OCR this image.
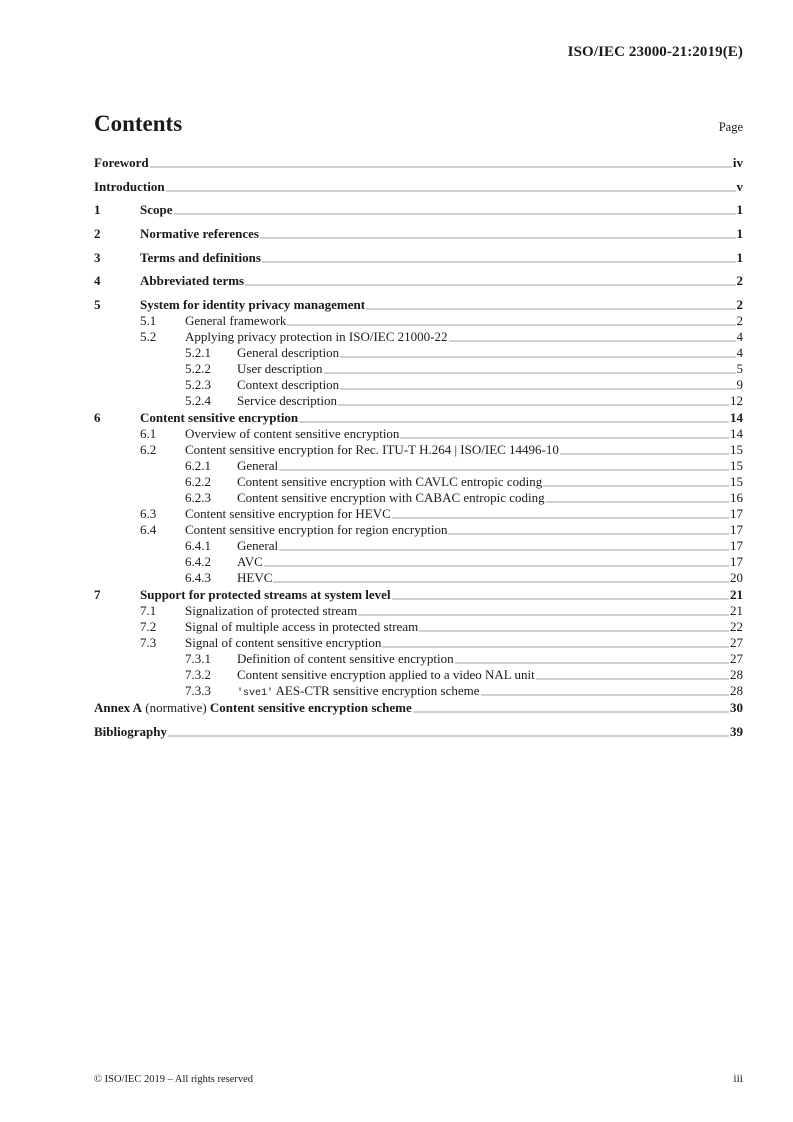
ISO/IEC 23000-21:2019(E)
Contents	Page
Foreword	iv
Introduction	v
1	Scope	1
2	Normative references	1
3	Terms and definitions	1
4	Abbreviated terms	2
5	System for identity privacy management	2
5.1	General framework	2
5.2	Applying privacy protection in ISO/IEC 21000-22	4
5.2.1	General description	4
5.2.2	User description	5
5.2.3	Context description	9
5.2.4	Service description	12
6	Content sensitive encryption	14
6.1	Overview of content sensitive encryption	14
6.2	Content sensitive encryption for Rec. ITU-T H.264 | ISO/IEC 14496-10	15
6.2.1	General	15
6.2.2	Content sensitive encryption with CAVLC entropic coding	15
6.2.3	Content sensitive encryption with CABAC entropic coding	16
6.3	Content sensitive encryption for HEVC	17
6.4	Content sensitive encryption for region encryption	17
6.4.1	General	17
6.4.2	AVC	17
6.4.3	HEVC	20
7	Support for protected streams at system level	21
7.1	Signalization of protected stream	21
7.2	Signal of multiple access in protected stream	22
7.3	Signal of content sensitive encryption	27
7.3.1	Definition of content sensitive encryption	27
7.3.2	Content sensitive encryption applied to a video NAL unit	28
7.3.3	'sve1' AES-CTR sensitive encryption scheme	28
Annex A (normative) Content sensitive encryption scheme	30
Bibliography	39
© ISO/IEC 2019 – All rights reserved	iii
